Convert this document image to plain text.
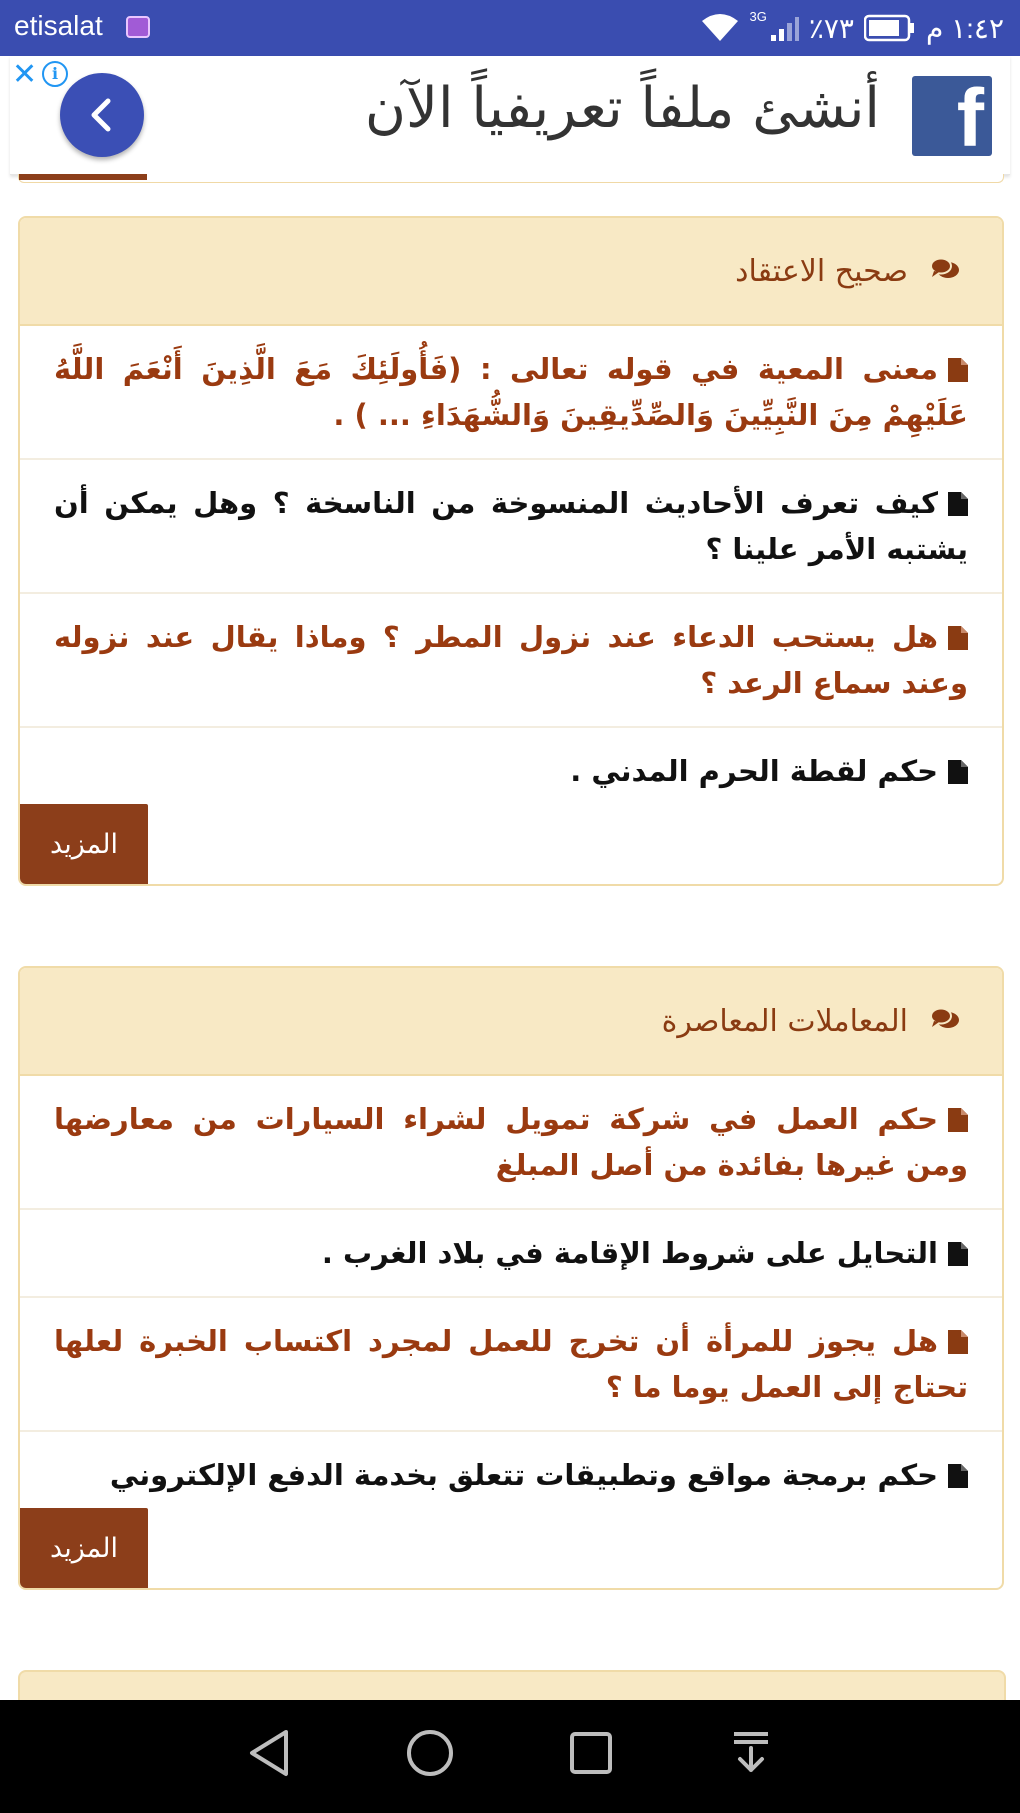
etisalat	3G ٪٧٣	١:٤٢ م
✕ i
أنشئ ملفاً تعريفياً الآن f
صحيح الاعتقاد
معنى المعية في قوله تعالى : (فَأُولَئِكَ مَعَ الَّذِينَ أَنْعَمَ اللَّهُ عَلَيْهِمْ مِنَ النَّبِيِّينَ وَالصِّدِّيقِينَ وَالشُّهَدَاءِ ... ) .
كيف تعرف الأحاديث المنسوخة من الناسخة ؟ وهل يمكن أن يشتبه الأمر علينا ؟
هل يستحب الدعاء عند نزول المطر ؟ وماذا يقال عند نزوله وعند سماع الرعد ؟
حكم لقطة الحرم المدني .
المزيد
المعاملات المعاصرة
حكم العمل في شركة تمويل لشراء السيارات من معارضها ومن غيرها بفائدة من أصل المبلغ
التحايل على شروط الإقامة في بلاد الغرب .
هل يجوز للمرأة أن تخرج للعمل لمجرد اكتساب الخبرة لعلها تحتاج إلى العمل يوما ما ؟
حكم برمجة مواقع وتطبيقات تتعلق بخدمة الدفع الإلكتروني
المزيد
